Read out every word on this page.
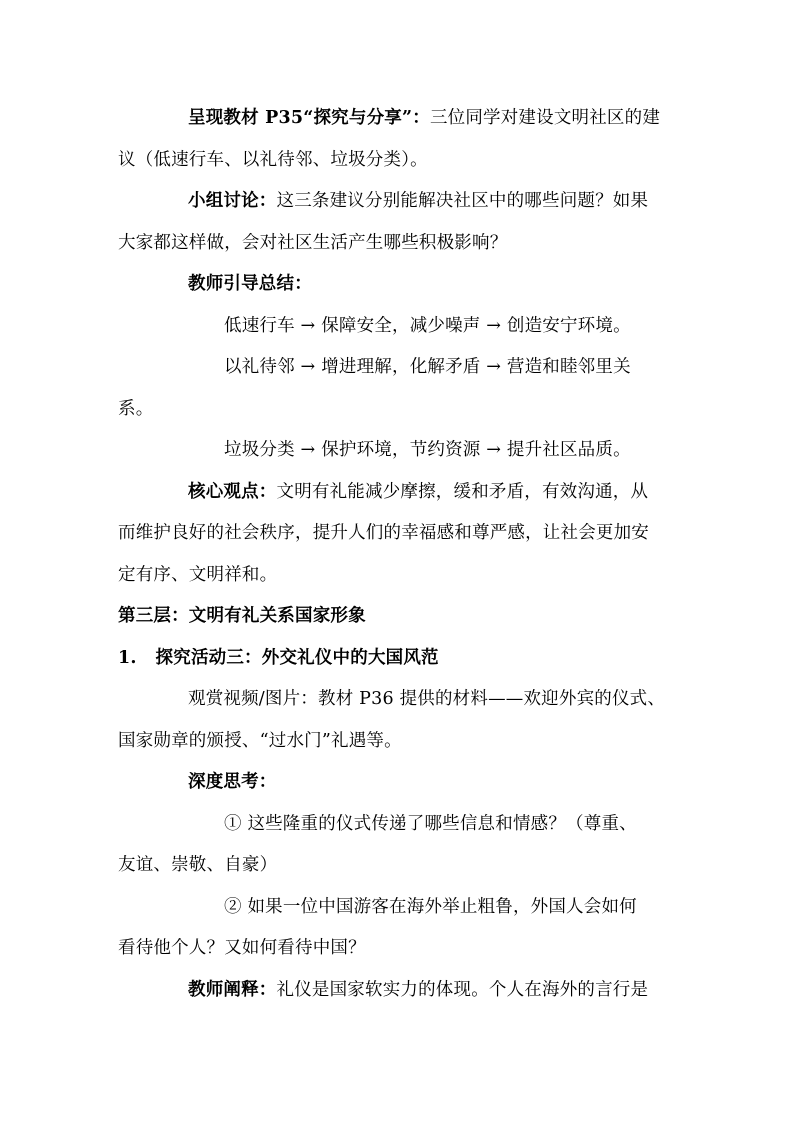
呈现教材 P35“探究与分享”：三位同学对建设文明社区的建
议（低速行车、以礼待邻、垃圾分类）。
小组讨论：这三条建议分别能解决社区中的哪些问题？如果
大家都这样做，会对社区生活产生哪些积极影响？
教师引导总结：
低速行车 → 保障安全，减少噪声 → 创造安宁环境。
以礼待邻 → 增进理解，化解矛盾 → 营造和睦邻里关
系。
垃圾分类 → 保护环境，节约资源 → 提升社区品质。
核心观点：文明有礼能减少摩擦，缓和矛盾，有效沟通，从
而维护良好的社会秩序，提升人们的幸福感和尊严感，让社会更加安
定有序、文明祥和。
第三层：文明有礼关系国家形象
1.   探究活动三：外交礼仪中的大国风范
观赏视频/图片：教材 P36 提供的材料——欢迎外宾的仪式、
国家勋章的颁授、“过水门”礼遇等。
深度思考：
① 这些隆重的仪式传递了哪些信息和情感？（尊重、
友谊、崇敬、自豪）
② 如果一位中国游客在海外举止粗鲁，外国人会如何
看待他个人？又如何看待中国？
教师阐释：礼仪是国家软实力的体现。个人在海外的言行是
